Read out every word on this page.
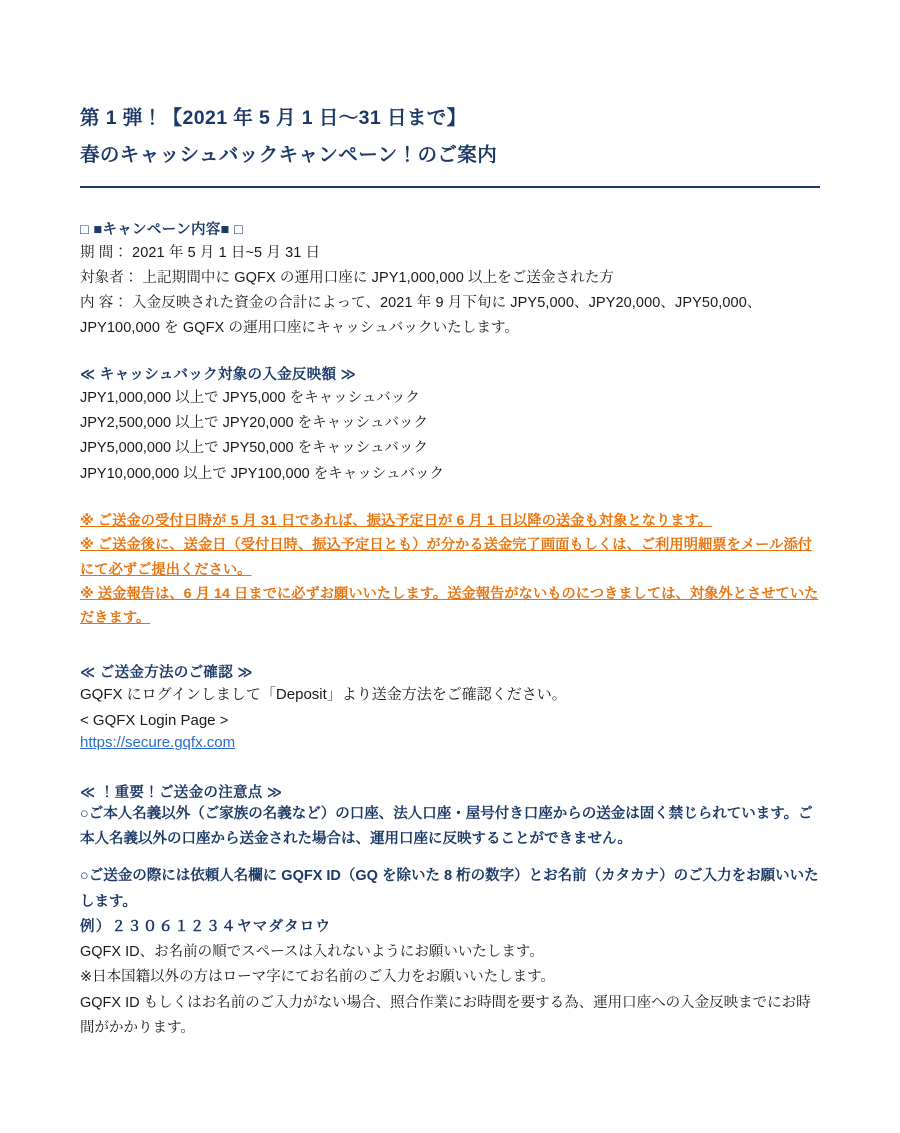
第 1 弾！【2021 年 5 月 1 日～31 日まで】
春のキャッシュバックキャンペーン！のご案内
□ ■キャンペーン内容■ □
期 間： 2021 年 5 月 1 日~5 月 31 日
対象者： 上記期間中に GQFX の運用口座に JPY1,000,000 以上をご送金された方
内 容： 入金反映された資金の合計によって、2021 年 9 月下旬に JPY5,000、JPY20,000、JPY50,000、
JPY100,000 を GQFX の運用口座にキャッシュバックいたします。
≪ キャッシュバック対象の入金反映額 ≫
JPY1,000,000 以上で JPY5,000 をキャッシュバック
JPY2,500,000 以上で JPY20,000 をキャッシュバック
JPY5,000,000 以上で JPY50,000 をキャッシュバック
JPY10,000,000 以上で JPY100,000 をキャッシュバック
※ ご送金の受付日時が 5 月 31 日であれば、振込予定日が 6 月 1 日以降の送金も対象となります。
※ ご送金後に、送金日（受付日時、振込予定日とも）が分かる送金完了画面もしくは、ご利用明細票をメール添付にて必ずご提出ください。
※ 送金報告は、6 月 14 日までに必ずお願いいたします。送金報告がないものにつきましては、対象外とさせていただきます。
≪ ご送金方法のご確認 ≫
GQFX にログインしまして「Deposit」より送金方法をご確認ください。
< GQFX Login Page >
https://secure.gqfx.com
≪ ！重要！ご送金の注意点 ≫
○ご本人名義以外（ご家族の名義など）の口座、法人口座・屋号付き口座からの送金は固く禁じられています。ご本人名義以外の口座から送金された場合は、運用口座に反映することができません。
○ご送金の際には依頼人名欄に GQFX ID（GQ を除いた 8 桁の数字）とお名前（カタカナ）のご入力をお願いいたします。
例）２３０６１２３４ヤマダタロウ
GQFX ID、お名前の順でスペースは入れないようにお願いいたします。
※日本国籍以外の方はローマ字にてお名前のご入力をお願いいたします。
GQFX ID もしくはお名前のご入力がない場合、照合作業にお時間を要する為、運用口座への入金反映までにお時間がかかります。
